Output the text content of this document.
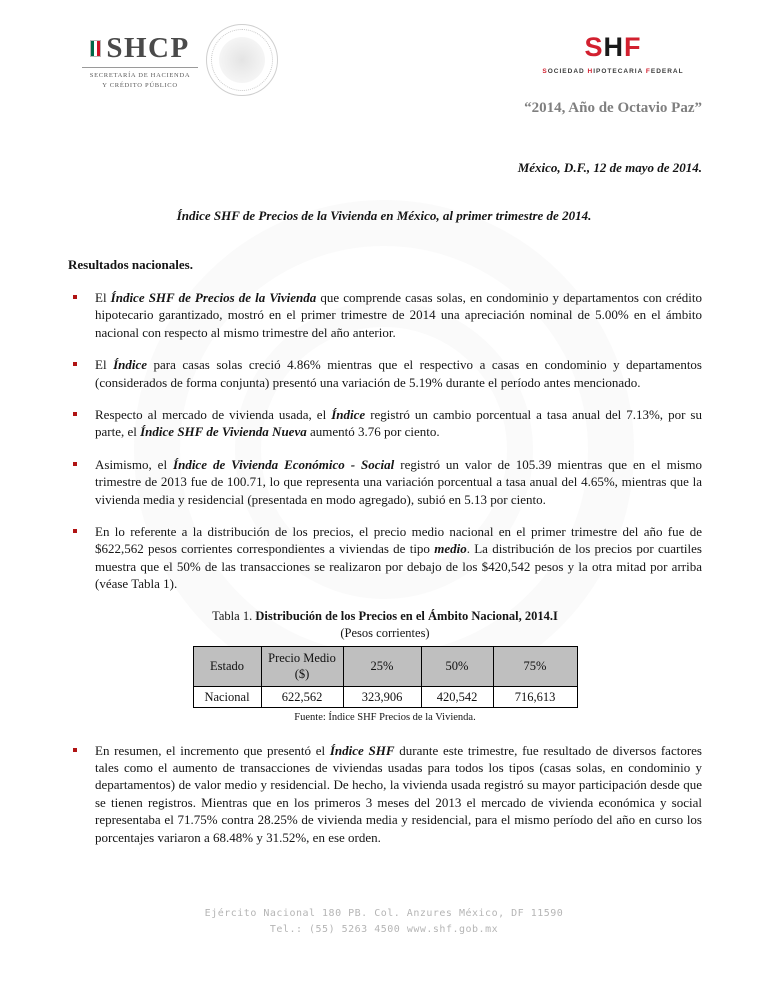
SHCP
SECRETARÍA DE HACIENDA
Y CRÉDITO PÚBLICO
SHF
SOCIEDAD HIPOTECARIA FEDERAL
“2014, Año de Octavio Paz”
México, D.F., 12 de mayo de 2014.
Índice SHF de Precios de la Vivienda en México, al primer trimestre de 2014.
Resultados nacionales.

El Índice SHF de Precios de la Vivienda que comprende casas solas, en condominio y departamentos con crédito hipotecario garantizado, mostró en el primer trimestre de 2014 una apreciación nominal de 5.00% en el ámbito nacional con respecto al mismo trimestre del año anterior.

El Índice para casas solas creció 4.86% mientras que el respectivo a casas en condominio y departamentos (considerados de forma conjunta) presentó una variación de 5.19% durante el período antes mencionado.

Respecto al mercado de vivienda usada, el Índice registró un cambio porcentual a tasa anual del 7.13%, por su parte, el Índice SHF de Vivienda Nueva aumentó 3.76 por ciento.

Asimismo, el Índice de Vivienda Económico - Social registró un valor de 105.39 mientras que en el mismo trimestre de 2013 fue de 100.71, lo que representa una variación porcentual a tasa anual del 4.65%, mientras que la vivienda media y residencial (presentada en modo agregado), subió en 5.13 por ciento.

En lo referente a la distribución de los precios, el precio medio nacional en el primer trimestre del año fue de $622,562 pesos corrientes correspondientes a viviendas de tipo medio. La distribución de los precios por cuartiles muestra que el 50% de las transacciones se realizaron por debajo de los $420,542 pesos y la otra mitad por arriba (véase Tabla 1).

Tabla 1. Distribución de los Precios en el Ámbito Nacional, 2014.I
(Pesos corrientes)
Estado	Precio Medio ($)	25%	50%	75%
Nacional	622,562	323,906	420,542	716,613
Fuente: Índice SHF Precios de la Vivienda.

En resumen, el incremento que presentó el Índice SHF durante este trimestre, fue resultado de diversos factores tales como el aumento de transacciones de viviendas usadas para todos los tipos (casas solas, en condominio y departamentos) de valor medio y residencial. De hecho, la vivienda usada registró su mayor participación desde que se tienen registros. Mientras que en los primeros 3 meses del 2013 el mercado de vivienda económica y social representaba el 71.75% contra 28.25% de vivienda media y residencial, para el mismo período del año en curso los porcentajes variaron a 68.48% y 31.52%, en ese orden.

Ejército Nacional 180 PB. Col. Anzures México, DF 11590
Tel.: (55) 5263 4500 www.shf.gob.mx
